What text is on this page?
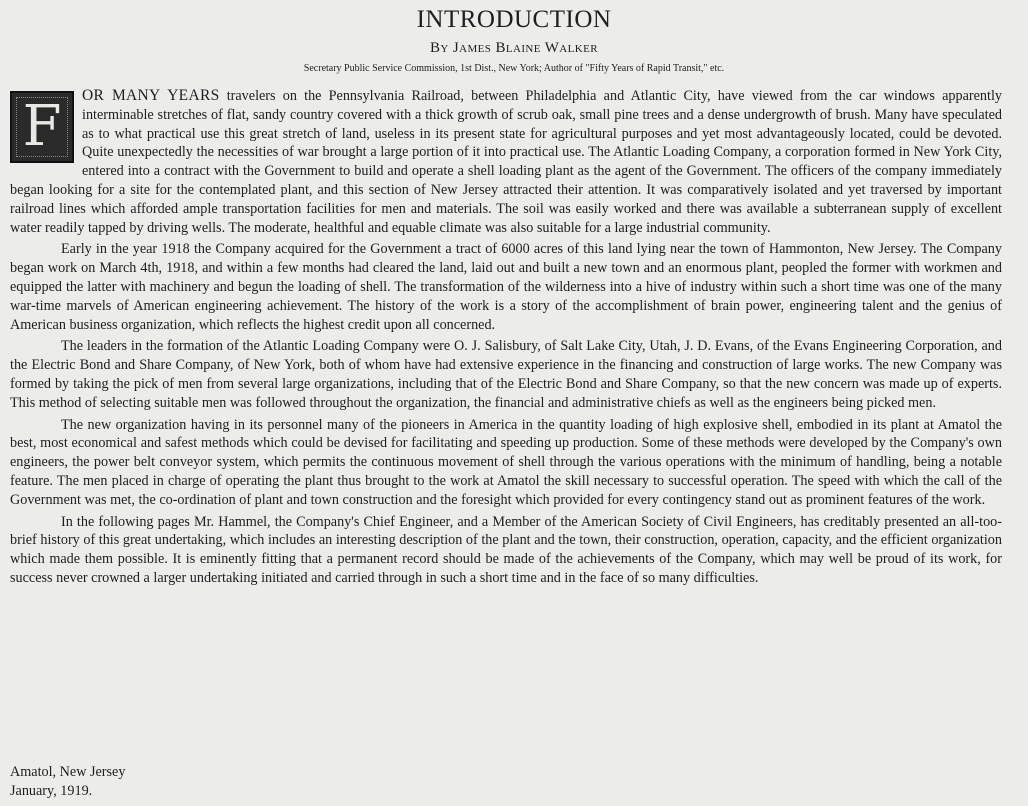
INTRODUCTION
By James Blaine Walker
Secretary Public Service Commission, 1st Dist., New York; Author of "Fifty Years of Rapid Transit," etc.

F OR MANY YEARS travelers on the Pennsylvania Railroad, between Philadelphia and Atlantic City, have viewed from the car windows apparently interminable stretches of flat, sandy country covered with a thick growth of scrub oak, small pine trees and a dense undergrowth of brush. Many have speculated as to what practical use this great stretch of land, useless in its present state for agricultural purposes and yet most advantageously located, could be devoted. Quite unexpectedly the necessities of war brought a large portion of it into practical use. The Atlantic Loading Company, a corporation formed in New York City, entered into a contract with the Government to build and operate a shell loading plant as the agent of the Government. The officers of the company immediately began looking for a site for the contemplated plant, and this section of New Jersey attracted their attention. It was comparatively isolated and yet traversed by important railroad lines which afforded ample transportation facilities for men and materials. The soil was easily worked and there was available a subterranean supply of excellent water readily tapped by driving wells. The moderate, healthful and equable climate was also suitable for a large industrial community.

Early in the year 1918 the Company acquired for the Government a tract of 6000 acres of this land lying near the town of Hammonton, New Jersey. The Company began work on March 4th, 1918, and within a few months had cleared the land, laid out and built a new town and an enormous plant, peopled the former with workmen and equipped the latter with machinery and begun the loading of shell. The transformation of the wilderness into a hive of industry within such a short time was one of the many war-time marvels of American engineering achievement. The history of the work is a story of the accomplishment of brain power, engineering talent and the genius of American business organization, which reflects the highest credit upon all concerned.

The leaders in the formation of the Atlantic Loading Company were O. J. Salisbury, of Salt Lake City, Utah, J. D. Evans, of the Evans Engineering Corporation, and the Electric Bond and Share Company, of New York, both of whom have had extensive experience in the financing and construction of large works. The new Company was formed by taking the pick of men from several large organizations, including that of the Electric Bond and Share Company, so that the new concern was made up of experts. This method of selecting suitable men was followed throughout the organization, the financial and administrative chiefs as well as the engineers being picked men.

The new organization having in its personnel many of the pioneers in America in the quantity loading of high explosive shell, embodied in its plant at Amatol the best, most economical and safest methods which could be devised for facilitating and speeding up production. Some of these methods were developed by the Company's own engineers, the power belt conveyor system, which permits the continuous movement of shell through the various operations with the minimum of handling, being a notable feature. The men placed in charge of operating the plant thus brought to the work at Amatol the skill necessary to successful operation. The speed with which the call of the Government was met, the co-ordination of plant and town construction and the foresight which provided for every contingency stand out as prominent features of the work.

In the following pages Mr. Hammel, the Company's Chief Engineer, and a Member of the American Society of Civil Engineers, has creditably presented an all-too-brief history of this great undertaking, which includes an interesting description of the plant and the town, their construction, operation, capacity, and the efficient organization which made them possible. It is eminently fitting that a permanent record should be made of the achievements of the Company, which may well be proud of its work, for success never crowned a larger undertaking initiated and carried through in such a short time and in the face of so many difficulties.

Amatol, New Jersey
January, 1919.
